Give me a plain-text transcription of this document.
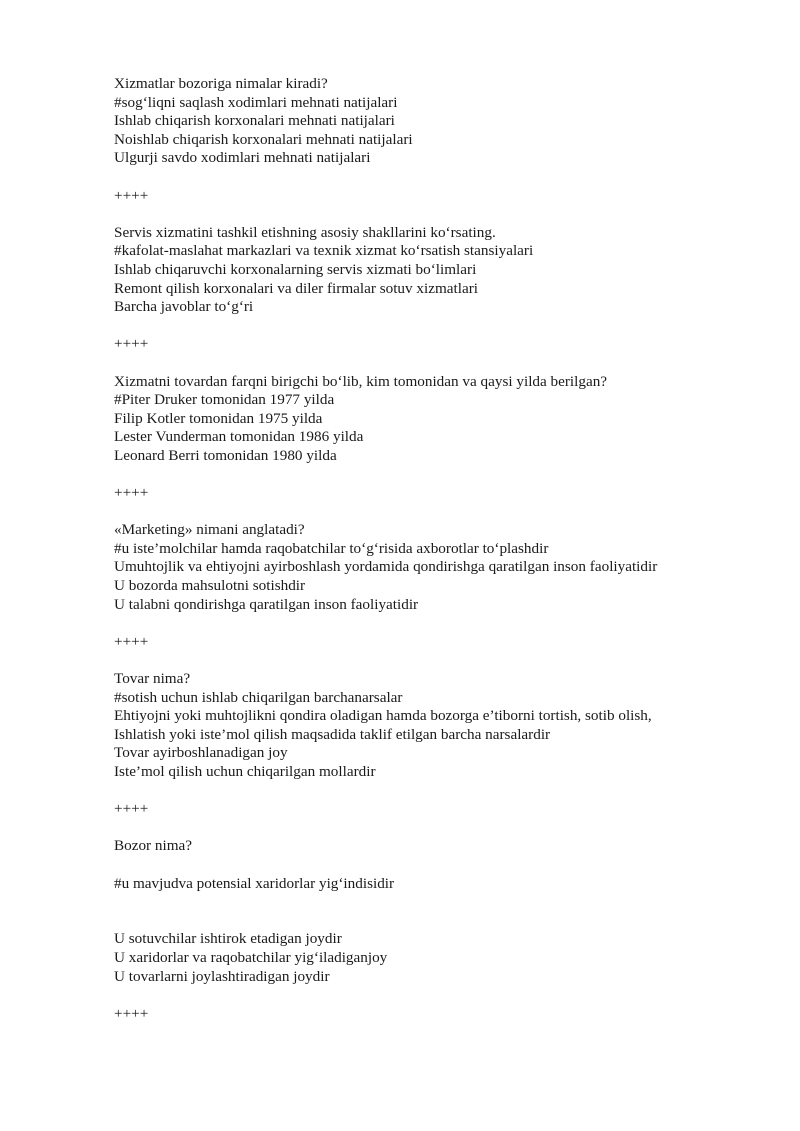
Xizmatlar bozoriga nimalar kiradi?
#sog‘liqni saqlash xodimlari mehnati natijalari
Ishlab chiqarish korxonalari mehnati natijalari
Noishlab chiqarish korxonalari mehnati natijalari
Ulgurji savdo xodimlari mehnati natijalari
++++
Servis xizmatini tashkil etishning asosiy shakllarini ko‘rsating.
#kafolat-maslahat markazlari va texnik xizmat ko‘rsatish stansiyalari
Ishlab chiqaruvchi korxonalarning servis xizmati bo‘limlari
Remont qilish korxonalari va diler firmalar sotuv xizmatlari
Barcha javoblar to‘g‘ri
++++
Xizmatni tovardan farqni birigchi bo‘lib, kim tomonidan va qaysi yilda berilgan?
#Piter Druker tomonidan 1977 yilda
Filip Kotler tomonidan 1975 yilda
Lester Vunderman tomonidan 1986 yilda
Leonard Berri tomonidan 1980 yilda
++++
«Marketing» nimani anglatadi?
#u iste’molchilar hamda raqobatchilar to‘g‘risida axborotlar to‘plashdir
Umuhtojlik va ehtiyojni ayirboshlash yordamida qondirishga qaratilgan inson faoliyatidir
U bozorda mahsulotni sotishdir
U talabni qondirishga qaratilgan inson faoliyatidir
++++
Tovar nima?
#sotish uchun ishlab chiqarilgan barchanarsalar
Ehtiyojni yoki muhtojlikni qondira oladigan hamda bozorga e’tiborni tortish, sotib olish,
Ishlatish yoki iste’mol qilish maqsadida taklif etilgan barcha narsalardir
Tovar ayirboshlanadigan joy
Iste’mol qilish uchun chiqarilgan mollardir
++++
Bozor nima?
#u mavjudva potensial xaridorlar yig‘indisidir
U sotuvchilar ishtirok etadigan joydir
U xaridorlar va raqobatchilar yig‘iladiganjoy
U tovarlarni joylashtiradigan joydir
++++
